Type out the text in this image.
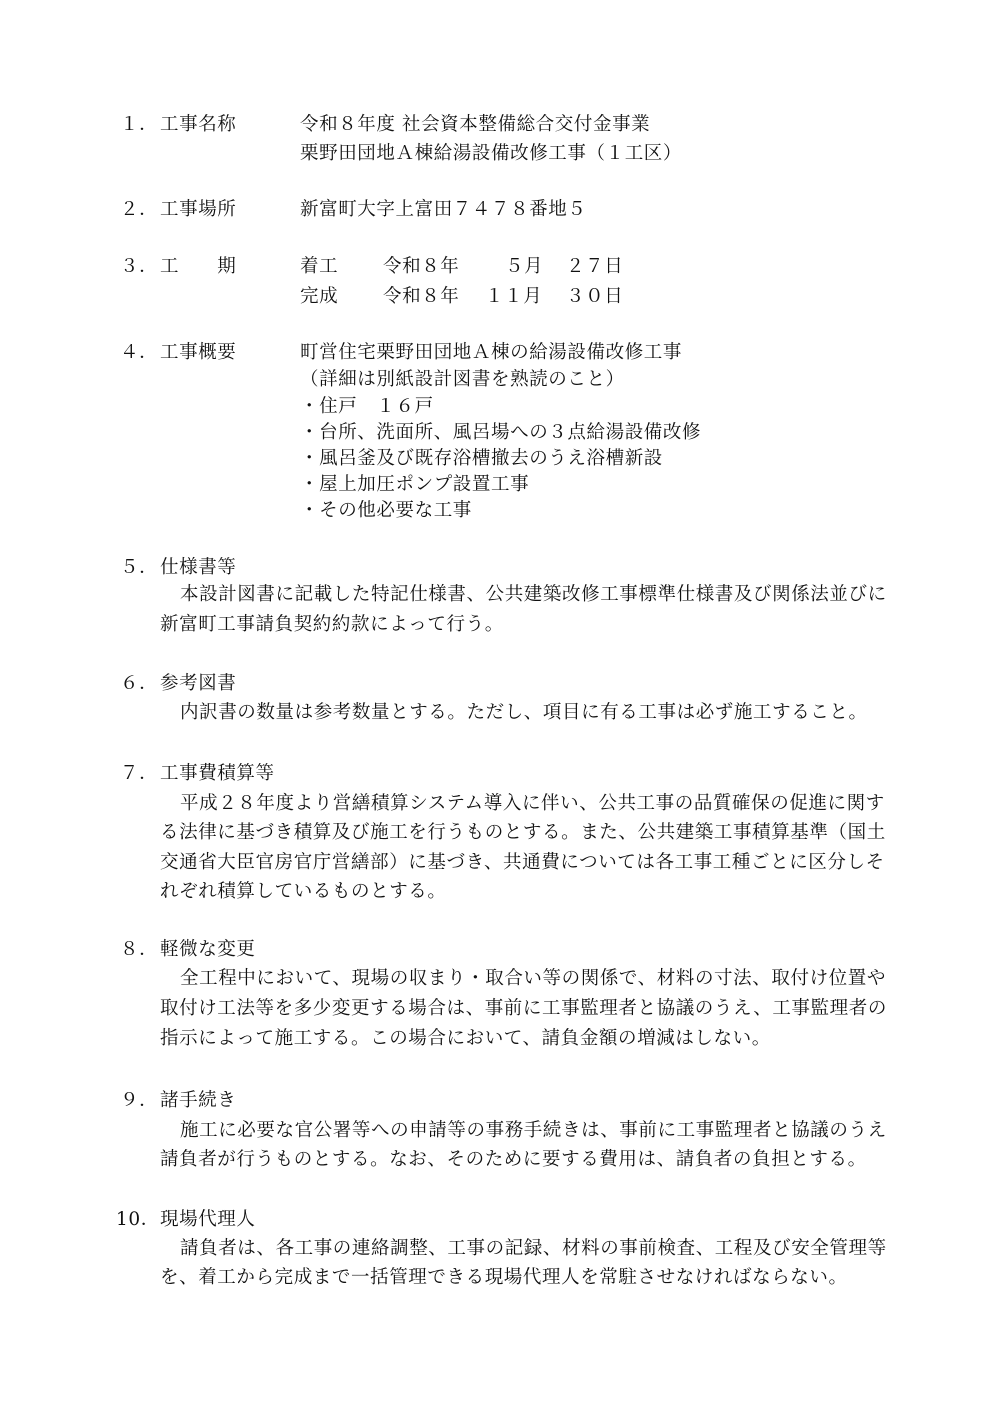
１． 工事名称	令和８年度 社会資本整備総合交付金事業
栗野田団地Ａ棟給湯設備改修工事（１工区）
２． 工事場所	新富町大字上富田７４７８番地５
３． 工　　期	着工 令和８年 ５月 ２７日
完成 令和８年 １１月 ３０日
４． 工事概要	町営住宅栗野田団地Ａ棟の給湯設備改修工事
（詳細は別紙設計図書を熟読のこと）
・住戸　１６戸
・台所、洗面所、風呂場への３点給湯設備改修
・風呂釜及び既存浴槽撤去のうえ浴槽新設
・屋上加圧ポンプ設置工事
・その他必要な工事
５． 仕様書等
本設計図書に記載した特記仕様書、公共建築改修工事標準仕様書及び関係法並びに
新富町工事請負契約約款によって行う。
６． 参考図書
内訳書の数量は参考数量とする。ただし、項目に有る工事は必ず施工すること。
７． 工事費積算等
平成２８年度より営繕積算システム導入に伴い、公共工事の品質確保の促進に関す
る法律に基づき積算及び施工を行うものとする。また、公共建築工事積算基準（国土
交通省大臣官房官庁営繕部）に基づき、共通費については各工事工種ごとに区分しそ
れぞれ積算しているものとする。
８． 軽微な変更
全工程中において、現場の収まり・取合い等の関係で、材料の寸法、取付け位置や
取付け工法等を多少変更する場合は、事前に工事監理者と協議のうえ、工事監理者の
指示によって施工する。この場合において、請負金額の増減はしない。
９． 諸手続き
施工に必要な官公署等への申請等の事務手続きは、事前に工事監理者と協議のうえ
請負者が行うものとする。なお、そのために要する費用は、請負者の負担とする。
10． 現場代理人
請負者は、各工事の連絡調整、工事の記録、材料の事前検査、工程及び安全管理等
を、着工から完成まで一括管理できる現場代理人を常駐させなければならない。
